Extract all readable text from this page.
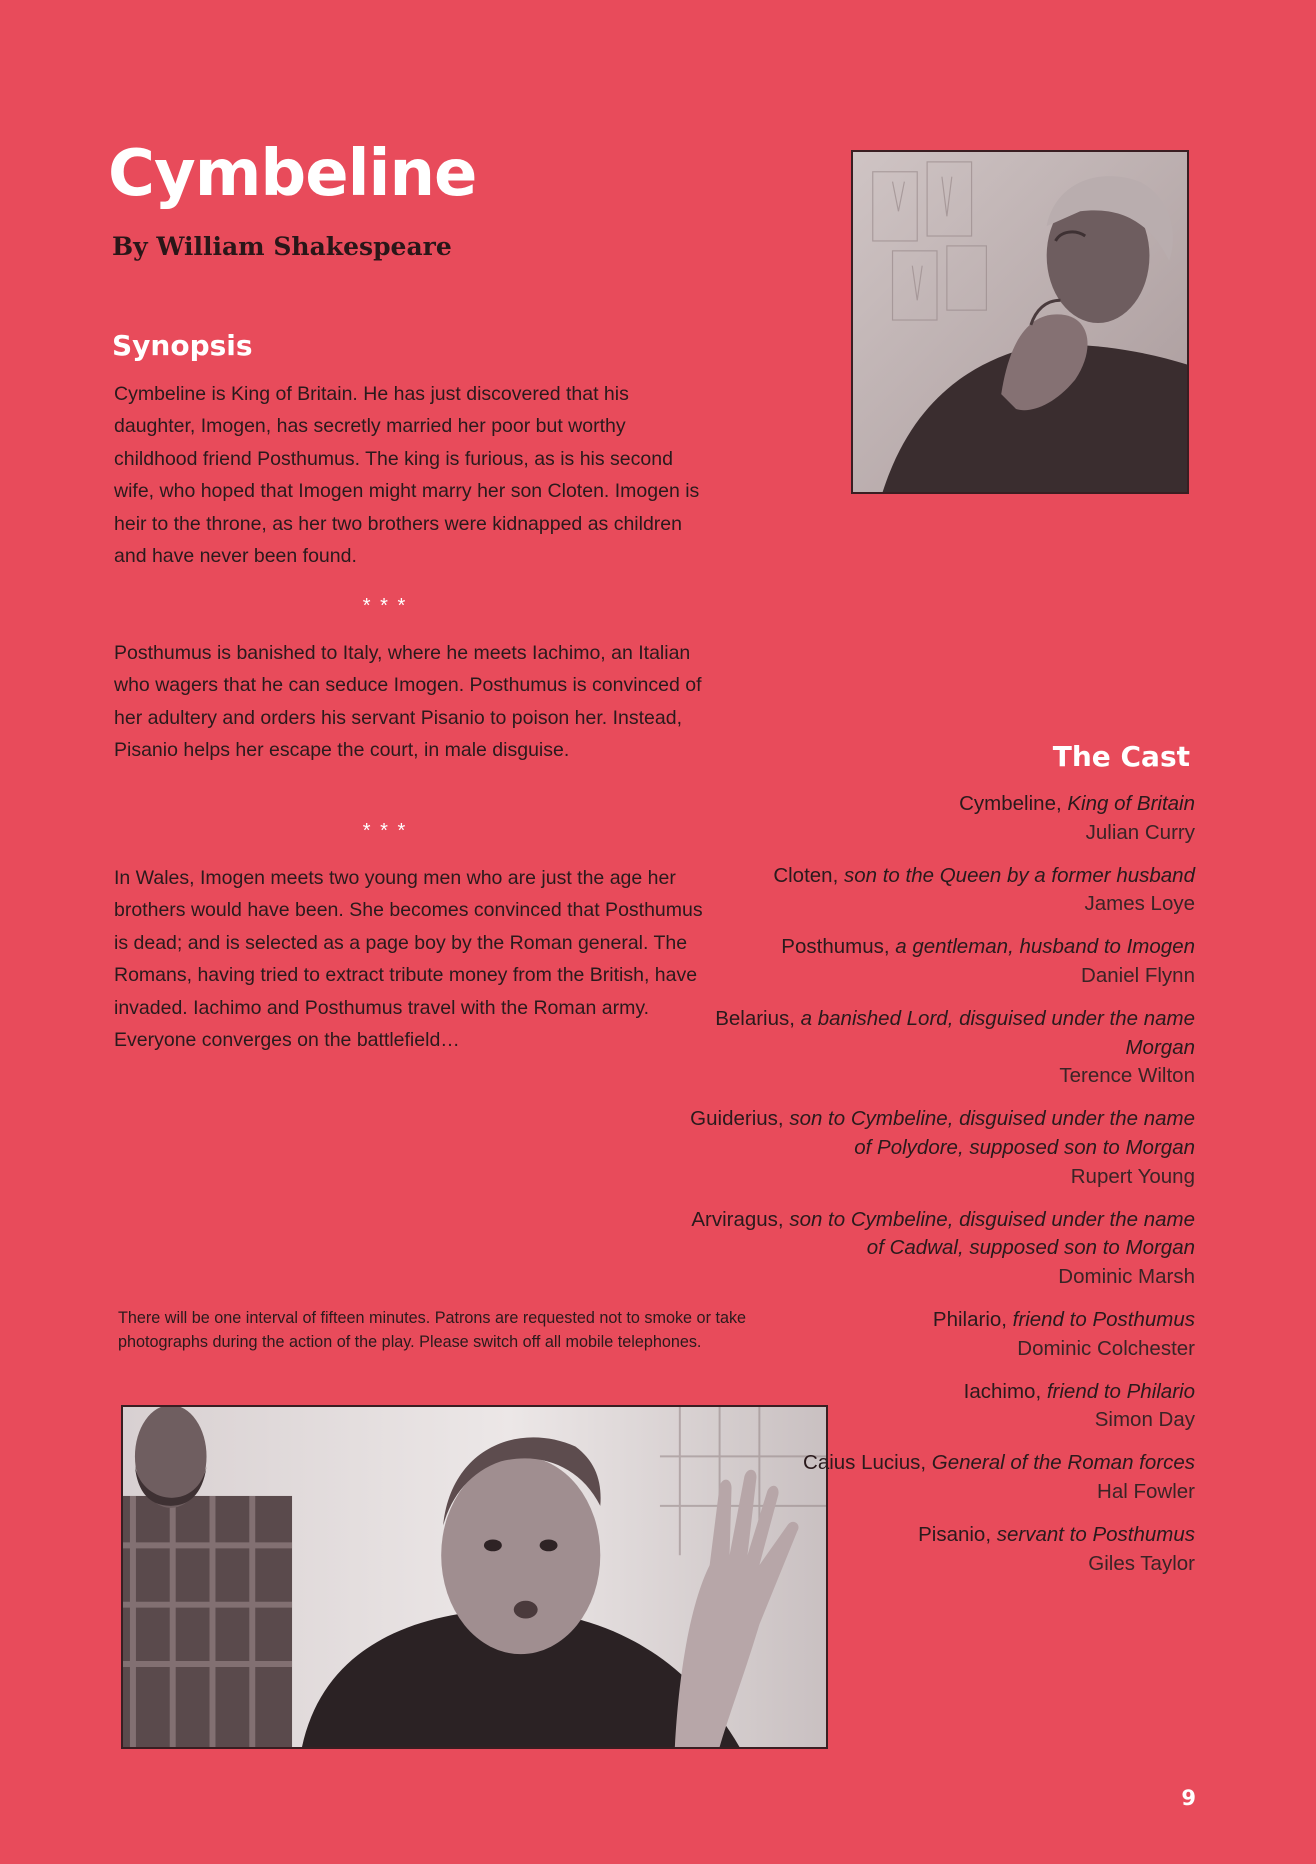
Cymbeline
By William Shakespeare
Synopsis

Cymbeline is King of Britain. He has just discovered that his daughter, Imogen, has secretly married her poor but worthy childhood friend Posthumus. The king is furious, as is his second wife, who hoped that Imogen might marry her son Cloten. Imogen is heir to the throne, as her two brothers were kidnapped as children and have never been found.

* * *

Posthumus is banished to Italy, where he meets Iachimo, an Italian who wagers that he can seduce Imogen. Posthumus is convinced of her adultery and orders his servant Pisanio to poison her. Instead, Pisanio helps her escape the court, in male disguise.

* * *

In Wales, Imogen meets two young men who are just the age her brothers would have been. She becomes convinced that Posthumus is dead; and is selected as a page boy by the Roman general. The Romans, having tried to extract tribute money from the British, have invaded. Iachimo and Posthumus travel with the Roman army. Everyone converges on the battlefield…

There will be one interval of fifteen minutes. Patrons are requested not to smoke or take photographs during the action of the play. Please switch off all mobile telephones.

The Cast
Cymbeline, King of Britain
Julian Curry
Cloten, son to the Queen by a former husband
James Loye
Posthumus, a gentleman, husband to Imogen
Daniel Flynn
Belarius, a banished Lord, disguised under the name Morgan
Terence Wilton
Guiderius, son to Cymbeline, disguised under the name of Polydore, supposed son to Morgan
Rupert Young
Arviragus, son to Cymbeline, disguised under the name of Cadwal, supposed son to Morgan
Dominic Marsh
Philario, friend to Posthumus
Dominic Colchester
Iachimo, friend to Philario
Simon Day
Caius Lucius, General of the Roman forces
Hal Fowler
Pisanio, servant to Posthumus
Giles Taylor
9
